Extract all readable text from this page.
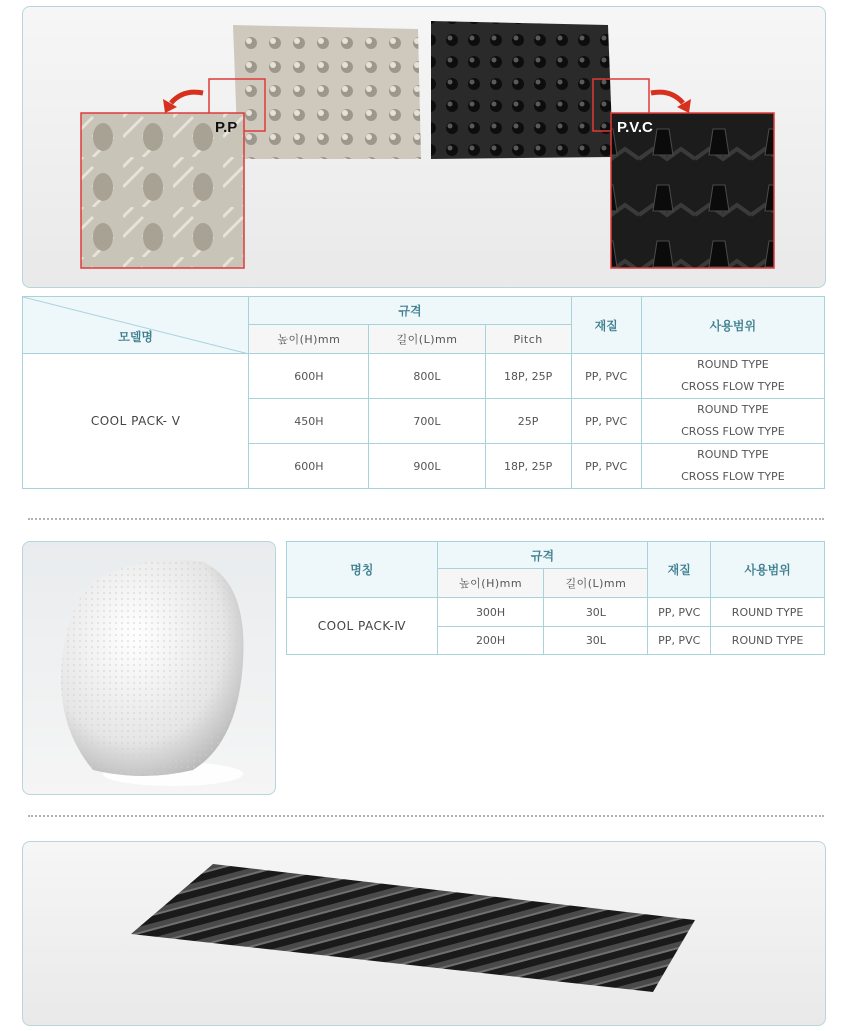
P.P	P.V.C
모델명	규격			재질	사용범위
	높이(H)mm	길이(L)mm	Pitch		
COOL PACK- Ⅴ	600H	800L	18P, 25P	PP, PVC	ROUND TYPE
CROSS FLOW TYPE

	450H	700L	25P	PP, PVC	ROUND TYPE
CROSS FLOW TYPE

	600H	900L	18P, 25P	PP, PVC	ROUND TYPE
CROSS FLOW TYPE
명칭	규격		재질	사용범위
	높이(H)mm	길이(L)mm		
COOL PACK-Ⅳ	300H	30L	PP, PVC	ROUND TYPE
	200H	30L	PP, PVC	ROUND TYPE
